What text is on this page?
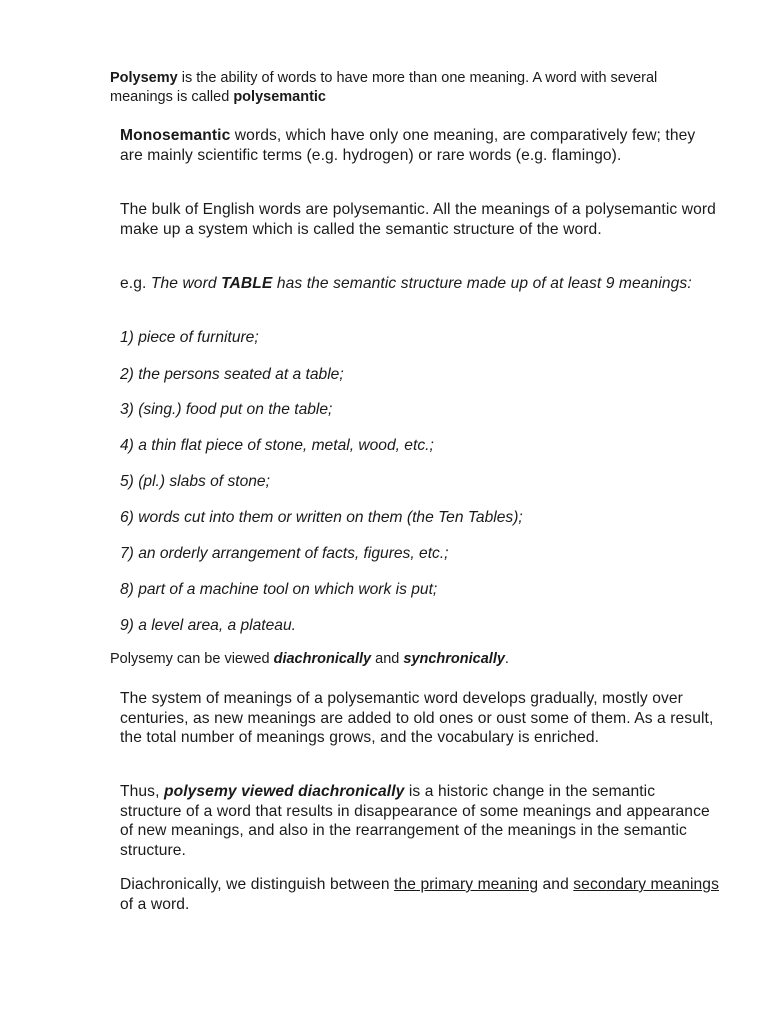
Polysemy is the ability of words to have more than one meaning. A word with several meanings is called polysemantic

Monosemantic words, which have only one meaning, are comparatively few; they are mainly scientific terms (e.g. hydrogen) or rare words (e.g. flamingo).

The bulk of English words are polysemantic. All the meanings of a polysemantic word make up a system which is called the semantic structure of the word.

e.g. The word TABLE has the semantic structure made up of at least 9 meanings:

1) piece of furniture;

2) the persons seated at a table;

3) (sing.) food put on the table;

4) a thin flat piece of stone, metal, wood, etc.;

5) (pl.) slabs of stone;

6) words cut into them or written on them (the Ten Tables);

7) an orderly arrangement of facts, figures, etc.;

8) part of a machine tool on which work is put;

9) a level area, a plateau.

Polysemy can be viewed diachronically and synchronically.

The system of meanings of a polysemantic word develops gradually, mostly over centuries, as new meanings are added to old ones or oust some of them. As a result, the total number of meanings grows, and the vocabulary is enriched.

Thus, polysemy viewed diachronically is a historic change in the semantic structure of a word that results in disappearance of some meanings and appearance of new meanings, and also in the rearrangement of the meanings in the semantic structure.

Diachronically, we distinguish between the primary meaning and secondary meanings of a word.
